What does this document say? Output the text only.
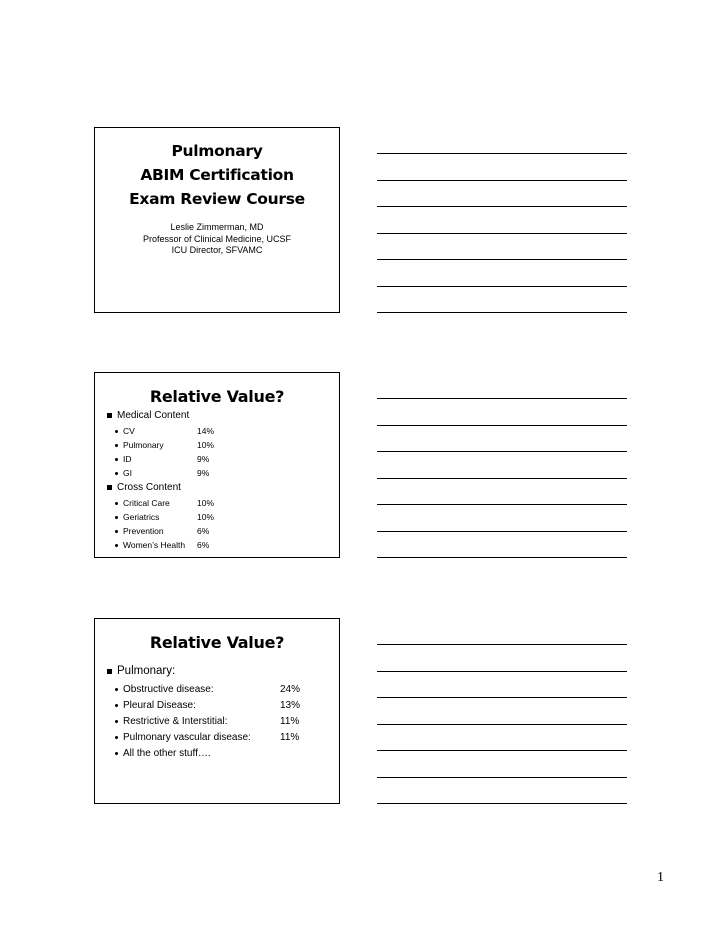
Pulmonary
ABIM Certification
Exam Review Course
Leslie Zimmerman, MD
Professor of Clinical Medicine, UCSF
ICU Director, SFVAMC
Relative Value?
Medical Content
CV	14%
Pulmonary	10%
ID	9%
GI	9%
Cross Content
Critical Care	10%
Geriatrics	10%
Prevention	6%
Women’s Health	6%
Relative Value?
Pulmonary:
Obstructive disease:	24%
Pleural Disease:	13%
Restrictive & Interstitial:	11%
Pulmonary vascular disease:	11%
All the other stuff….
1
